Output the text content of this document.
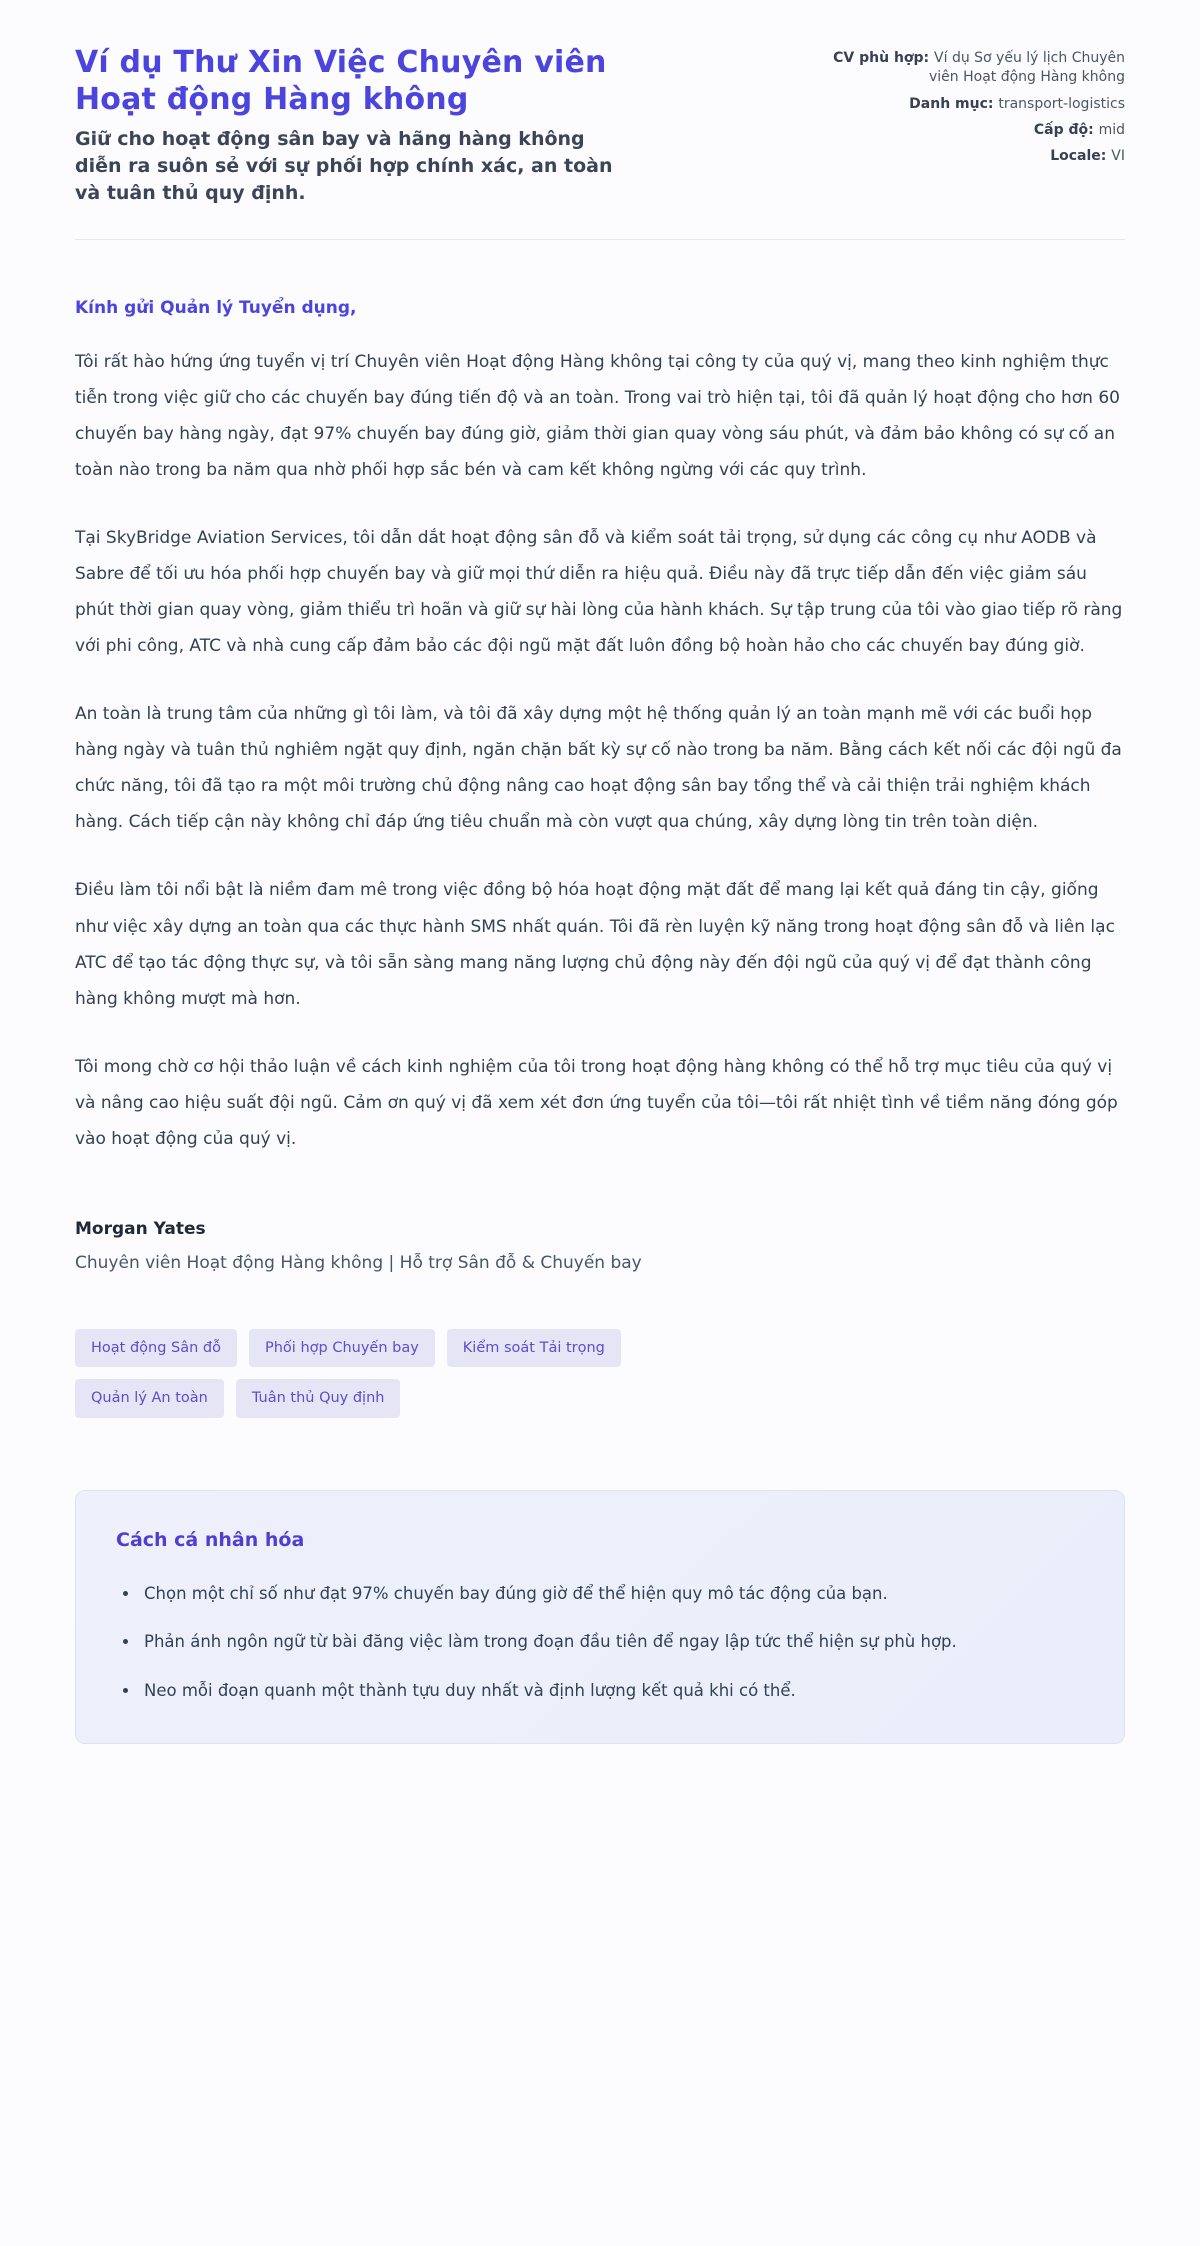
Ví dụ Thư Xin Việc Chuyên viên Hoạt động Hàng không
Giữ cho hoạt động sân bay và hãng hàng không diễn ra suôn sẻ với sự phối hợp chính xác, an toàn và tuân thủ quy định.
CV phù hợp: Ví dụ Sơ yếu lý lịch Chuyên viên Hoạt động Hàng không
Danh mục: transport-logistics
Cấp độ: mid
Locale: VI

Kính gửi Quản lý Tuyển dụng,

Tôi rất hào hứng ứng tuyển vị trí Chuyên viên Hoạt động Hàng không tại công ty của quý vị, mang theo kinh nghiệm thực tiễn trong việc giữ cho các chuyến bay đúng tiến độ và an toàn. Trong vai trò hiện tại, tôi đã quản lý hoạt động cho hơn 60 chuyến bay hàng ngày, đạt 97% chuyến bay đúng giờ, giảm thời gian quay vòng sáu phút, và đảm bảo không có sự cố an toàn nào trong ba năm qua nhờ phối hợp sắc bén và cam kết không ngừng với các quy trình.

Tại SkyBridge Aviation Services, tôi dẫn dắt hoạt động sân đỗ và kiểm soát tải trọng, sử dụng các công cụ như AODB và Sabre để tối ưu hóa phối hợp chuyến bay và giữ mọi thứ diễn ra hiệu quả. Điều này đã trực tiếp dẫn đến việc giảm sáu phút thời gian quay vòng, giảm thiểu trì hoãn và giữ sự hài lòng của hành khách. Sự tập trung của tôi vào giao tiếp rõ ràng với phi công, ATC và nhà cung cấp đảm bảo các đội ngũ mặt đất luôn đồng bộ hoàn hảo cho các chuyến bay đúng giờ.

An toàn là trung tâm của những gì tôi làm, và tôi đã xây dựng một hệ thống quản lý an toàn mạnh mẽ với các buổi họp hàng ngày và tuân thủ nghiêm ngặt quy định, ngăn chặn bất kỳ sự cố nào trong ba năm. Bằng cách kết nối các đội ngũ đa chức năng, tôi đã tạo ra một môi trường chủ động nâng cao hoạt động sân bay tổng thể và cải thiện trải nghiệm khách hàng. Cách tiếp cận này không chỉ đáp ứng tiêu chuẩn mà còn vượt qua chúng, xây dựng lòng tin trên toàn diện.

Điều làm tôi nổi bật là niềm đam mê trong việc đồng bộ hóa hoạt động mặt đất để mang lại kết quả đáng tin cậy, giống như việc xây dựng an toàn qua các thực hành SMS nhất quán. Tôi đã rèn luyện kỹ năng trong hoạt động sân đỗ và liên lạc ATC để tạo tác động thực sự, và tôi sẵn sàng mang năng lượng chủ động này đến đội ngũ của quý vị để đạt thành công hàng không mượt mà hơn.

Tôi mong chờ cơ hội thảo luận về cách kinh nghiệm của tôi trong hoạt động hàng không có thể hỗ trợ mục tiêu của quý vị và nâng cao hiệu suất đội ngũ. Cảm ơn quý vị đã xem xét đơn ứng tuyển của tôi—tôi rất nhiệt tình về tiềm năng đóng góp vào hoạt động của quý vị.

Morgan Yates
Chuyên viên Hoạt động Hàng không | Hỗ trợ Sân đỗ & Chuyến bay
Hoạt động Sân đỗ	Phối hợp Chuyến bay	Kiểm soát Tải trọng
Quản lý An toàn	Tuân thủ Quy định
Cách cá nhân hóa
• Chọn một chỉ số như đạt 97% chuyến bay đúng giờ để thể hiện quy mô tác động của bạn.
• Phản ánh ngôn ngữ từ bài đăng việc làm trong đoạn đầu tiên để ngay lập tức thể hiện sự phù hợp.
• Neo mỗi đoạn quanh một thành tựu duy nhất và định lượng kết quả khi có thể.
